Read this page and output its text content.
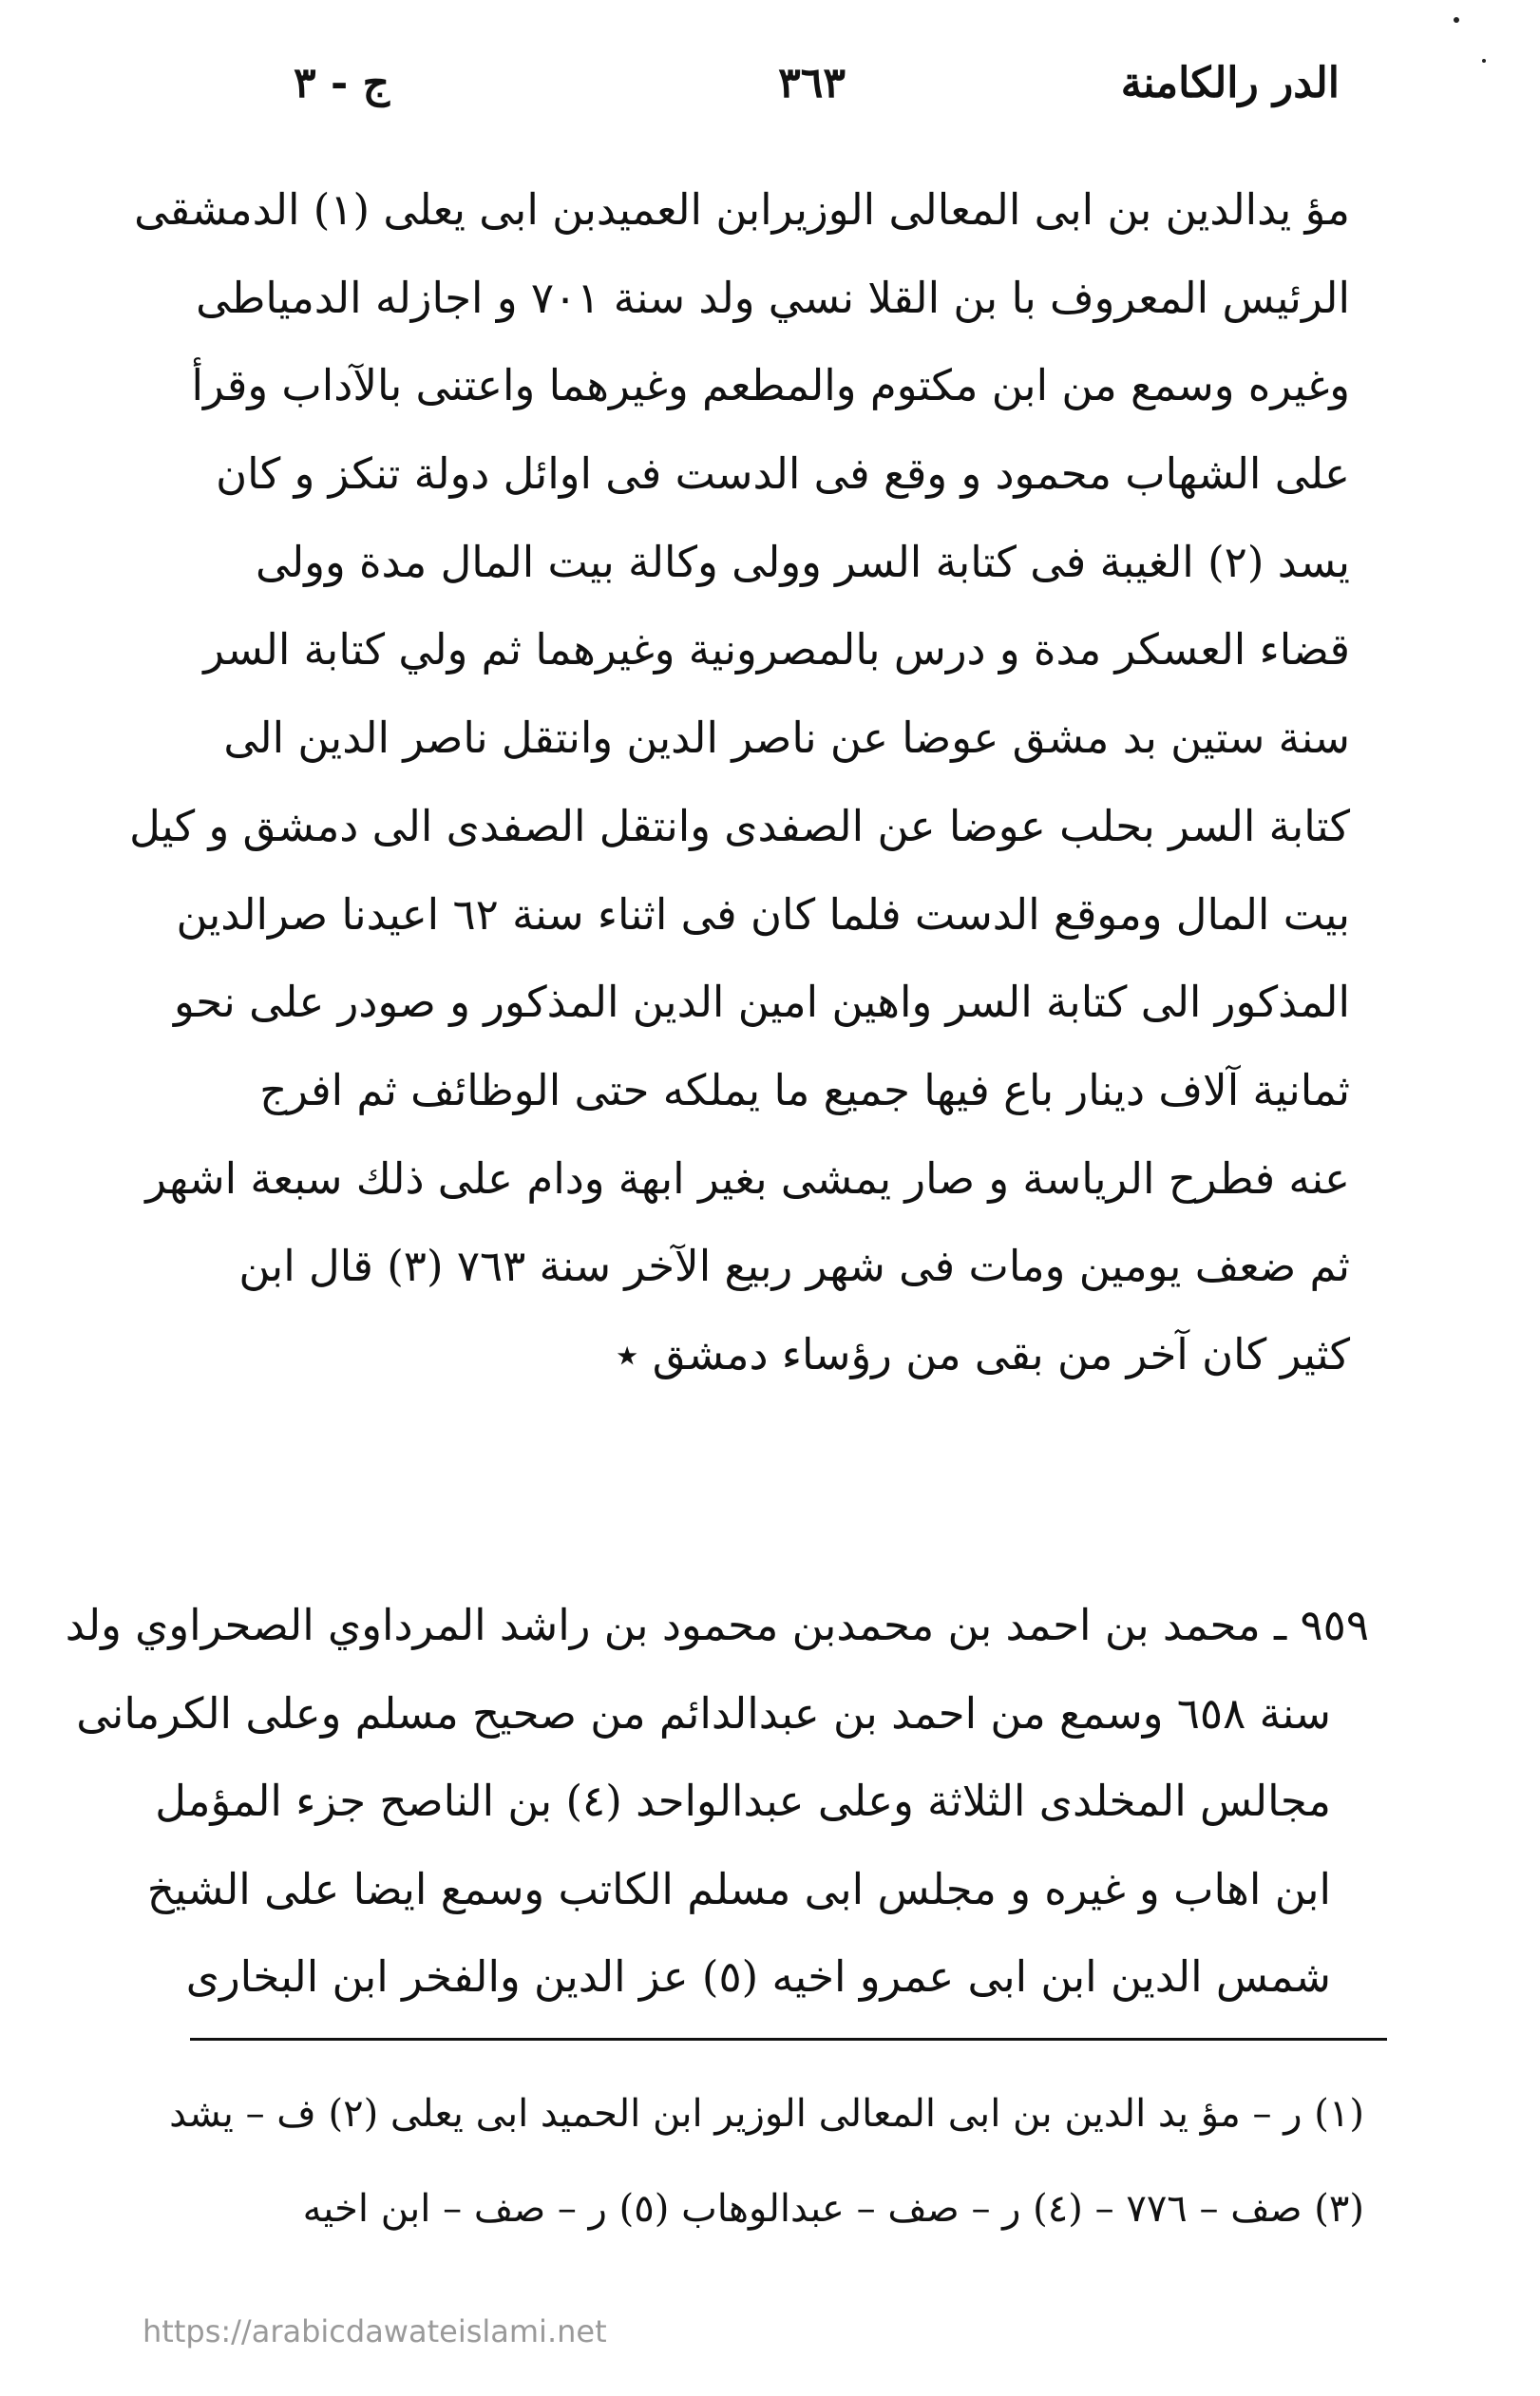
الدر رالكامنة
٣٦٣
ج - ٣
مؤ يدالدين بن ابى المعالى الوزيرابن العميدبن ابى يعلى (١) الدمشقى
الرئيس المعروف با بن القلا نسي ولد سنة ٧٠١ و اجازله الدمياطى
وغيره وسمع من ابن مكتوم والمطعم وغيرهما واعتنى بالآداب وقرأ
على الشهاب محمود و وقع فى الدست فى اوائل دولة تنكز و كان
يسد (٢) الغيبة فى كتابة السر وولى وكالة بيت المال مدة وولى
قضاء العسكر مدة و درس بالمصرونية وغيرهما ثم ولي كتابة السر
سنة ستين بد مشق عوضا عن ناصر الدين وانتقل ناصر الدين الى
كتابة السر بحلب عوضا عن الصفدى وانتقل الصفدى الى دمشق و كيل
بيت المال وموقع الدست فلما كان فى اثناء سنة ٦٢ اعيدنا صرالدين
المذكور الى كتابة السر واهين امين الدين المذكور و صودر على نحو
ثمانية آلاف دينار باع فيها جميع ما يملكه حتى الوظائف ثم افرج
عنه فطرح الرياسة و صار يمشى بغير ابهة ودام على ذلك سبعة اشهر
ثم ضعف يومين ومات فى شهر ربيع الآخر سنة ٧٦٣ (٣) قال ابن
كثير كان آخر من بقى من رؤساء دمشق ٭
٩٥٩ ـ محمد بن احمد بن محمدبن محمود بن راشد المرداوي الصحراوي ولد
سنة ٦٥٨ وسمع من احمد بن عبدالدائم من صحيح مسلم وعلى الكرمانى
مجالس المخلدى الثلاثة وعلى عبدالواحد (٤) بن الناصح جزء المؤمل
ابن اهاب و غيره و مجلس ابى مسلم الكاتب وسمع ايضا على الشيخ
شمس الدين ابن ابى عمرو اخيه (٥) عز الدين والفخر ابن البخارى
(١) ر – مؤ يد الدين بن ابى المعالى الوزير ابن الحميد ابى يعلى (٢) ف – يشد
(٣) صف – ٧٧٦ – (٤) ر – صف – عبدالوهاب (٥) ر – صف – ابن اخيه
https://arabicdawateislami.net
